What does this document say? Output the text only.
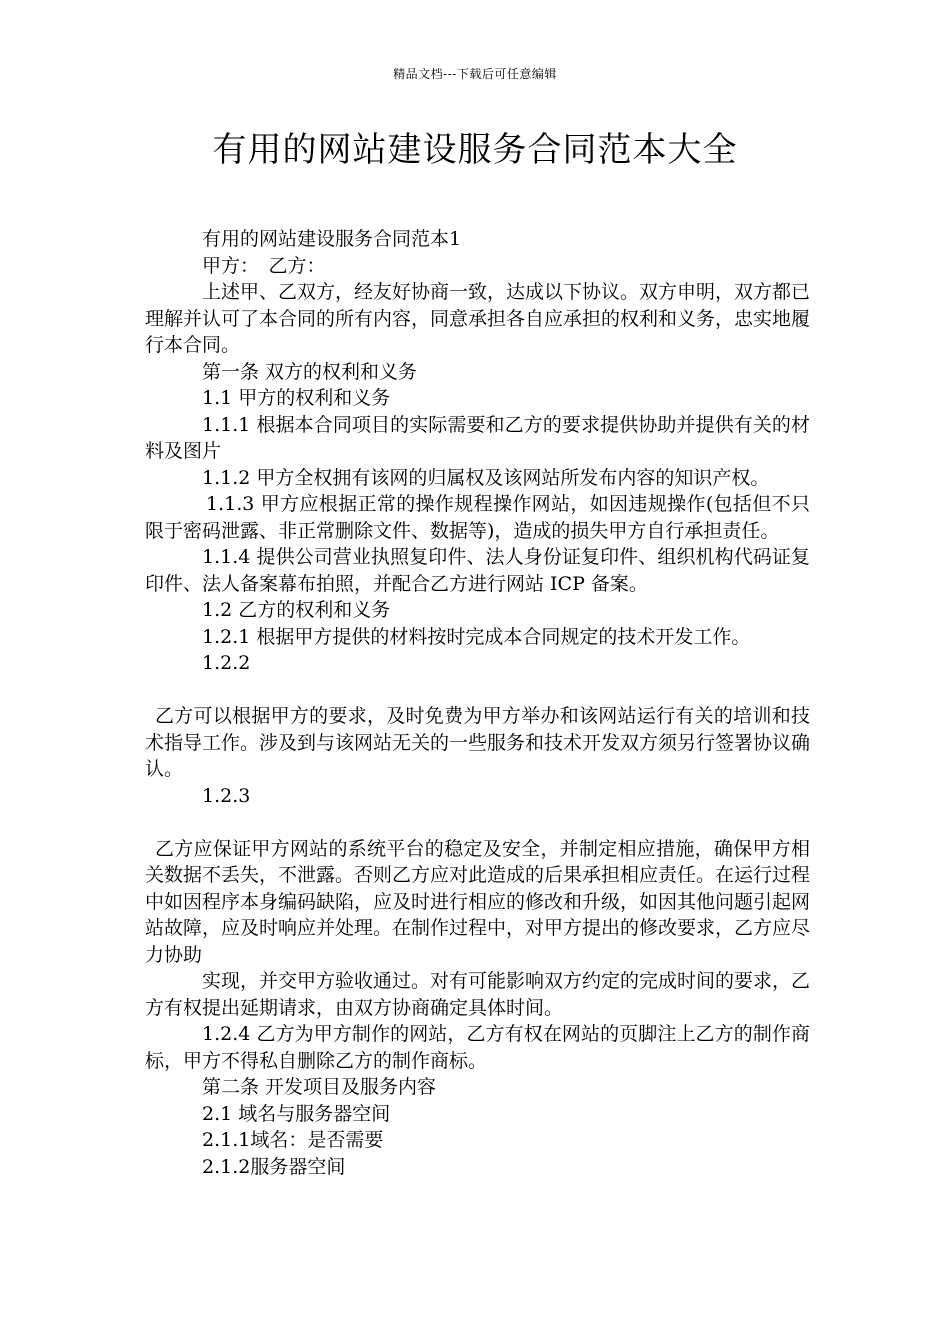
精品文档---下载后可任意编辑
有用的网站建设服务合同范本大全

有用的网站建设服务合同范本1

甲方：　乙方：

上述甲、乙双方，经友好协商一致，达成以下协议。双方申明，双方都已理解并认可了本合同的所有内容，同意承担各自应承担的权利和义务，忠实地履行本合同。

第一条 双方的权利和义务

1.1 甲方的权利和义务

1.1.1 根据本合同项目的实际需要和乙方的要求提供协助并提供有关的材料及图片

1.1.2 甲方全权拥有该网的归属权及该网站所发布内容的知识产权。

1.1.3 甲方应根据正常的操作规程操作网站，如因违规操作(包括但不只限于密码泄露、非正常删除文件、数据等)，造成的损失甲方自行承担责任。

1.1.4 提供公司营业执照复印件、法人身份证复印件、组织机构代码证复印件、法人备案幕布拍照，并配合乙方进行网站 ICP 备案。

1.2 乙方的权利和义务

1.2.1 根据甲方提供的材料按时完成本合同规定的技术开发工作。

1.2.2

乙方可以根据甲方的要求，及时免费为甲方举办和该网站运行有关的培训和技术指导工作。涉及到与该网站无关的一些服务和技术开发双方须另行签署协议确认。

1.2.3

乙方应保证甲方网站的系统平台的稳定及安全，并制定相应措施，确保甲方相关数据不丢失，不泄露。否则乙方应对此造成的后果承担相应责任。在运行过程中如因程序本身编码缺陷，应及时进行相应的修改和升级，如因其他问题引起网站故障，应及时响应并处理。在制作过程中，对甲方提出的修改要求，乙方应尽力协助

实现，并交甲方验收通过。对有可能影响双方约定的完成时间的要求，乙方有权提出延期请求，由双方协商确定具体时间。

1.2.4 乙方为甲方制作的网站，乙方有权在网站的页脚注上乙方的制作商标，甲方不得私自删除乙方的制作商标。

第二条 开发项目及服务内容

2.1 域名与服务器空间

2.1.1域名：是否需要

2.1.2服务器空间
